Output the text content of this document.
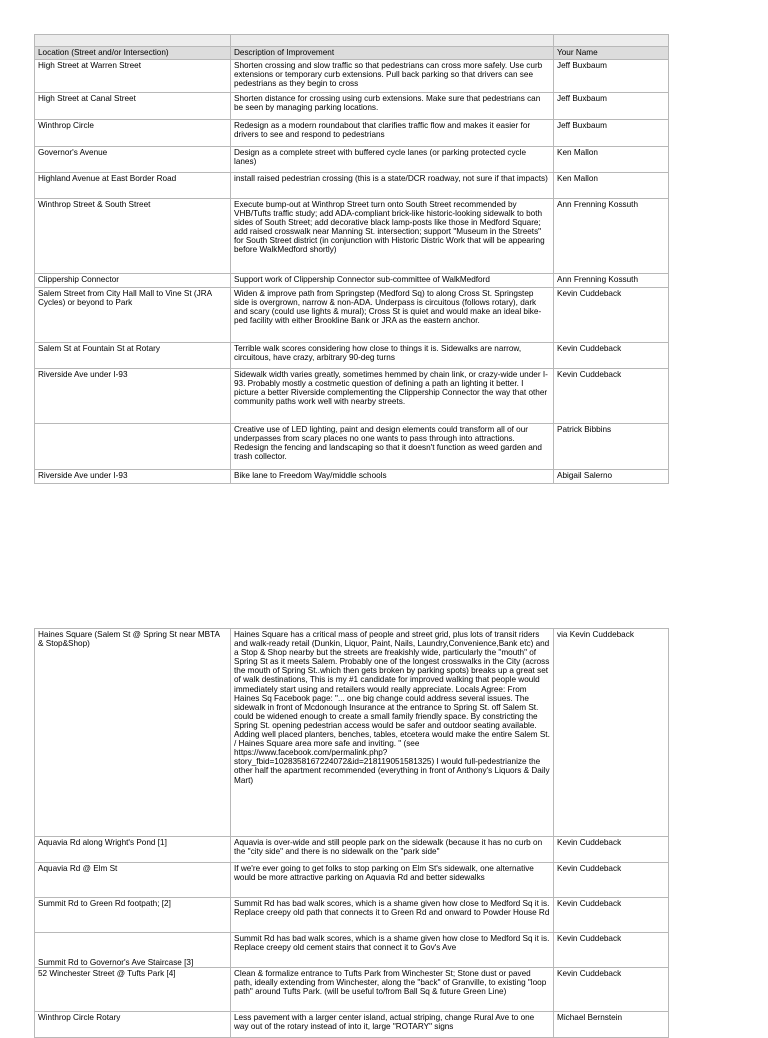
Location (Street and/or Intersection)	Description of Improvement	Your Name
High Street at Warren Street	Shorten crossing and slow traffic so that pedestrians can cross more safely. Use curb extensions or temporary curb extensions. Pull back parking so that drivers can see pedestrians as they begin to cross	Jeff Buxbaum
High Street at Canal Street	Shorten distance for crossing using curb extensions. Make sure that pedestrians can be seen by managing parking locations.	Jeff Buxbaum
Winthrop Circle	Redesign as a modern roundabout that clarifies traffic flow and makes it easier for drivers to see and respond to pedestrians	Jeff Buxbaum
Governor's Avenue	Design as a complete street with buffered cycle lanes (or parking protected cycle lanes)	Ken Mallon
Highland Avenue at East Border Road	install raised pedestrian crossing (this is a state/DCR roadway, not sure if that impacts)	Ken Mallon
Winthrop Street & South Street	Execute bump-out at Winthrop Street turn onto South Street recommended by VHB/Tufts traffic study; add ADA-compliant brick-like historic-looking sidewalk to both sides of South Street; add decorative black lamp-posts like those in Medford Square; add raised crosswalk near Manning St. intersection; support "Museum in the Streets" for South Street district (in conjunction with Historic Distric Work that will be appearing before WalkMedford shortly)	Ann Frenning Kossuth
Clippership Connector	Support work of Clippership Connector sub-committee of WalkMedford	Ann Frenning Kossuth
Salem Street from City Hall Mall to Vine St (JRA Cycles) or beyond to Park	Widen & improve path from Springstep (Medford Sq) to along Cross St. Springstep side is overgrown, narrow & non-ADA. Underpass is circuitous (follows rotary), dark and scary (could use lights & mural); Cross St is quiet and would make an ideal bike-ped facility with either Brookline Bank or JRA as the eastern anchor.	Kevin Cuddeback
Salem St at Fountain St at Rotary	Terrible walk scores considering how close to things it is. Sidewalks are narrow, circuitous, have crazy, arbitrary 90-deg turns	Kevin Cuddeback
Riverside Ave under I-93	Sidewalk width varies greatly, sometimes hemmed by chain link, or crazy-wide under I-93. Probably mostly a costmetic question of defining a path an lighting it better. I picture a better Riverside complementing the Clippership Connector the way that other community paths work well with nearby streets.	Kevin Cuddeback
	Creative use of LED lighting, paint and design elements could transform all of our underpasses from scary places no one wants to pass through into attractions. Redesign the fencing and landscaping so that it doesn't function as weed garden and trash collector.	Patrick Bibbins
Riverside Ave under I-93	Bike lane to Freedom Way/middle schools	Abigail Salerno
Haines Square (Salem St @ Spring St near MBTA & Stop&Shop)	Haines Square has a critical mass of people and street grid, plus lots of transit riders and walk-ready retail (Dunkin, Liquor, Paint, Nails, Laundry,Convenience,Bank etc) and a Stop & Shop nearby but the streets are freakishly wide, particularly the "mouth" of Spring St as it meets Salem. Probably one of the longest crosswalks in the City (across the mouth of Spring St..which then gets broken by parking spots) breaks up a great set of walk destinations, This is my #1 candidate for improved walking that people would immediately start using and retailers would really appreciate. Locals Agree: From Haines Sq Facebook page: "... one big change could address several issues. The sidewalk in front of Mcdonough Insurance at the entrance to Spring St. off Salem St. could be widened enough to create a small family friendly space. By constricting the Spring St. opening pedestrian access would be safer and outdoor seating available. Adding well placed planters, benches, tables, etcetera would make the entire Salem St. / Haines Square area more safe and inviting. " (see https://www.facebook.com/permalink.php?story_fbid=1028358167224072&id=218119051581325) I would full-pedestrianize the other half the apartment recommended (everything in front of Anthony's Liquors & Daily Mart)	via Kevin Cuddeback
Aquavia Rd along Wright's Pond [1]	Aquavia is over-wide and still people park on the sidewalk (because it has no curb on the "city side" and there is no sidewalk on the "park side"	Kevin Cuddeback
Aquavia Rd @ Elm St	If we're ever going to get folks to stop parking on Elm St's sidewalk, one alternative would be more attractive parking on Aquavia Rd and better sidewalks	Kevin Cuddeback
Summit Rd to Green Rd footpath; [2]	Summit Rd has bad walk scores, which is a shame given how close to Medford Sq it is. Replace creepy old path that connects it to Green Rd and onward to Powder House Rd	Kevin Cuddeback
Summit Rd to Governor's Ave Staircase [3]	Summit Rd has bad walk scores, which is a shame given how close to Medford Sq it is. Replace creepy old cement stairs that connect it to Gov's Ave	Kevin Cuddeback
52 Winchester Street @ Tufts Park [4]	Clean & formalize entrance to Tufts Park from Winchester St; Stone dust or paved path, ideally extending from Winchester, along the "back" of Granville, to existing "loop path" around Tufts Park. (will be useful to/from Ball Sq & future Green Line)	Kevin Cuddeback
Winthrop Circle Rotary	Less pavement with a larger center island, actual striping, change Rural Ave to one way out of the rotary instead of into it, large "ROTARY" signs	Michael Bernstein
